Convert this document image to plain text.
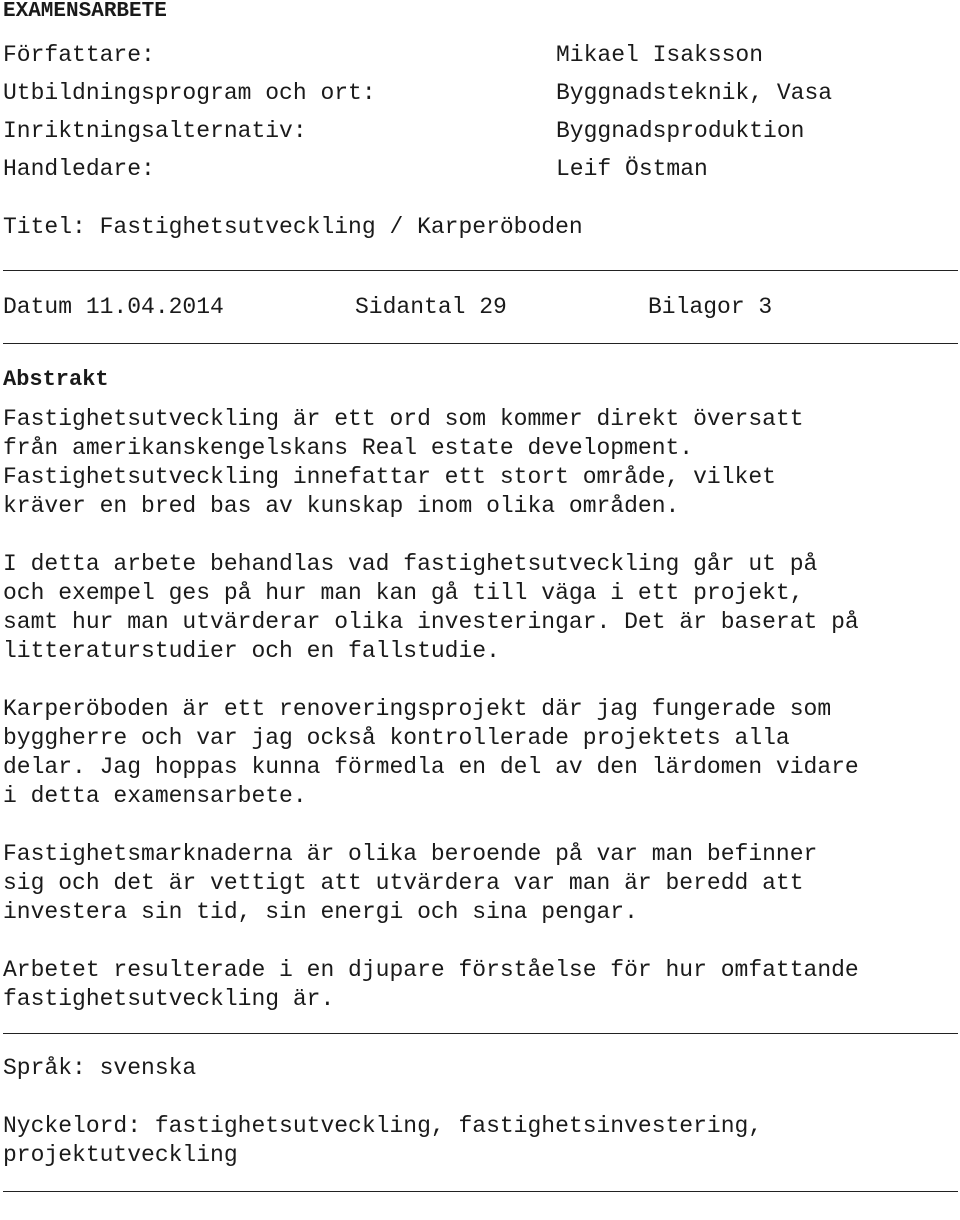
EXAMENSARBETE
Författare:	Mikael Isaksson
Utbildningsprogram och ort:	Byggnadsteknik, Vasa
Inriktningsalternativ:	Byggnadsproduktion
Handledare:	Leif Östman
Titel: Fastighetsutveckling / Karperöboden
Datum 11.04.2014	Sidantal 29	Bilagor 3
Abstrakt

Fastighetsutveckling är ett ord som kommer direkt översatt
från amerikanskengelskans Real estate development.
Fastighetsutveckling innefattar ett stort område, vilket
kräver en bred bas av kunskap inom olika områden.

I detta arbete behandlas vad fastighetsutveckling går ut på
och exempel ges på hur man kan gå till väga i ett projekt,
samt hur man utvärderar olika investeringar. Det är baserat på
litteraturstudier och en fallstudie.

Karperöboden är ett renoveringsprojekt där jag fungerade som
byggherre och var jag också kontrollerade projektets alla
delar. Jag hoppas kunna förmedla en del av den lärdomen vidare
i detta examensarbete.

Fastighetsmarknaderna är olika beroende på var man befinner
sig och det är vettigt att utvärdera var man är beredd att
investera sin tid, sin energi och sina pengar.

Arbetet resulterade i en djupare förståelse för hur omfattande
fastighetsutveckling är.

Språk: svenska
Nyckelord: fastighetsutveckling, fastighetsinvestering,
projektutveckling
